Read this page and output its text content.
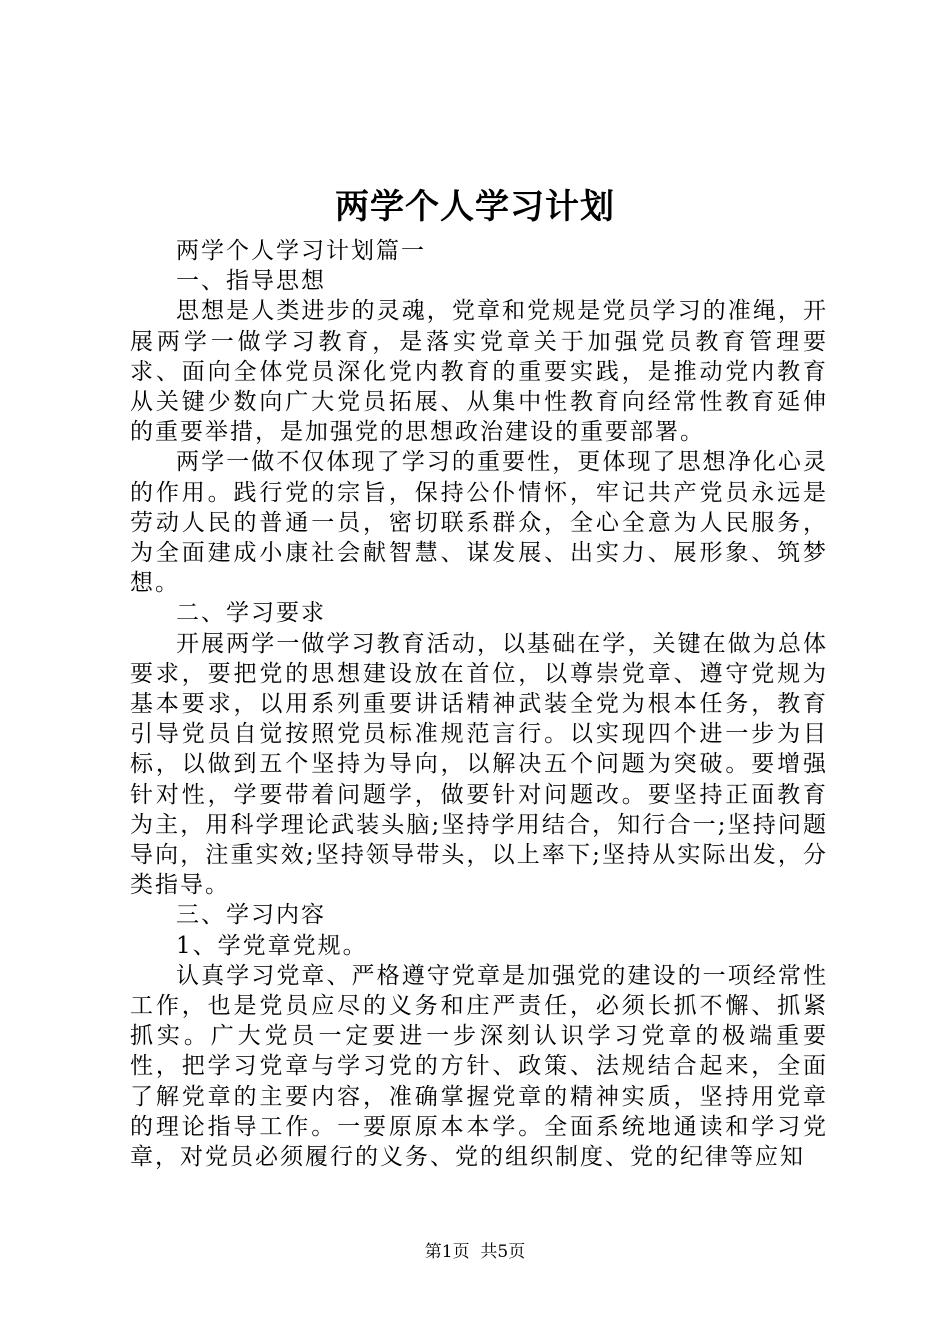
两学个人学习计划

两学个人学习计划篇一

一、指导思想

思想是人类进步的灵魂，党章和党规是党员学习的准绳，开展两学一做学习教育，是落实党章关于加强党员教育管理要求、面向全体党员深化党内教育的重要实践，是推动党内教育从关键少数向广大党员拓展、从集中性教育向经常性教育延伸的重要举措，是加强党的思想政治建设的重要部署。

两学一做不仅体现了学习的重要性，更体现了思想净化心灵的作用。践行党的宗旨，保持公仆情怀，牢记共产党员永远是劳动人民的普通一员，密切联系群众，全心全意为人民服务，为全面建成小康社会献智慧、谋发展、出实力、展形象、筑梦想。

二、学习要求

开展两学一做学习教育活动，以基础在学，关键在做为总体要求，要把党的思想建设放在首位，以尊崇党章、遵守党规为基本要求，以用系列重要讲话精神武装全党为根本任务，教育引导党员自觉按照党员标准规范言行。以实现四个进一步为目标，以做到五个坚持为导向，以解决五个问题为突破。要增强针对性，学要带着问题学，做要针对问题改。要坚持正面教育为主，用科学理论武装头脑;坚持学用结合，知行合一;坚持问题导向，注重实效;坚持领导带头，以上率下;坚持从实际出发，分类指导。

三、学习内容

1、学党章党规。

认真学习党章、严格遵守党章是加强党的建设的一项经常性工作，也是党员应尽的义务和庄严责任，必须长抓不懈、抓紧抓实。广大党员一定要进一步深刻认识学习党章的极端重要性，把学习党章与学习党的方针、政策、法规结合起来，全面了解党章的主要内容，准确掌握党章的精神实质，坚持用党章的理论指导工作。一要原原本本学。全面系统地通读和学习党章，对党员必须履行的义务、党的组织制度、党的纪律等应知

第1页  共5页
